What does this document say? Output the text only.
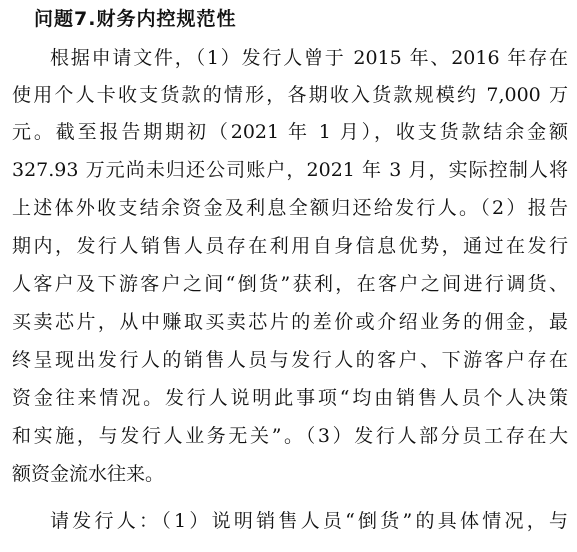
问题7.财务内控规范性
根据申请文件，（1）发行人曾于 2015 年、2016 年存在
使用个人卡收支货款的情形，各期收入货款规模约 7,000 万
元。截至报告期期初（2021 年 1 月），收支货款结余金额
327.93 万元尚未归还公司账户，2021 年 3 月，实际控制人将
上述体外收支结余资金及利息全额归还给发行人。（2）报告
期内，发行人销售人员存在利用自身信息优势，通过在发行
人客户及下游客户之间“倒货”获利，在客户之间进行调货、
买卖芯片，从中赚取买卖芯片的差价或介绍业务的佣金，最
终呈现出发行人的销售人员与发行人的客户、下游客户存在
资金往来情况。发行人说明此事项“均由销售人员个人决策
和实施，与发行人业务无关”。（3）发行人部分员工存在大
额资金流水往来。
请发行人：（1）说明销售人员“倒货”的具体情况，与
